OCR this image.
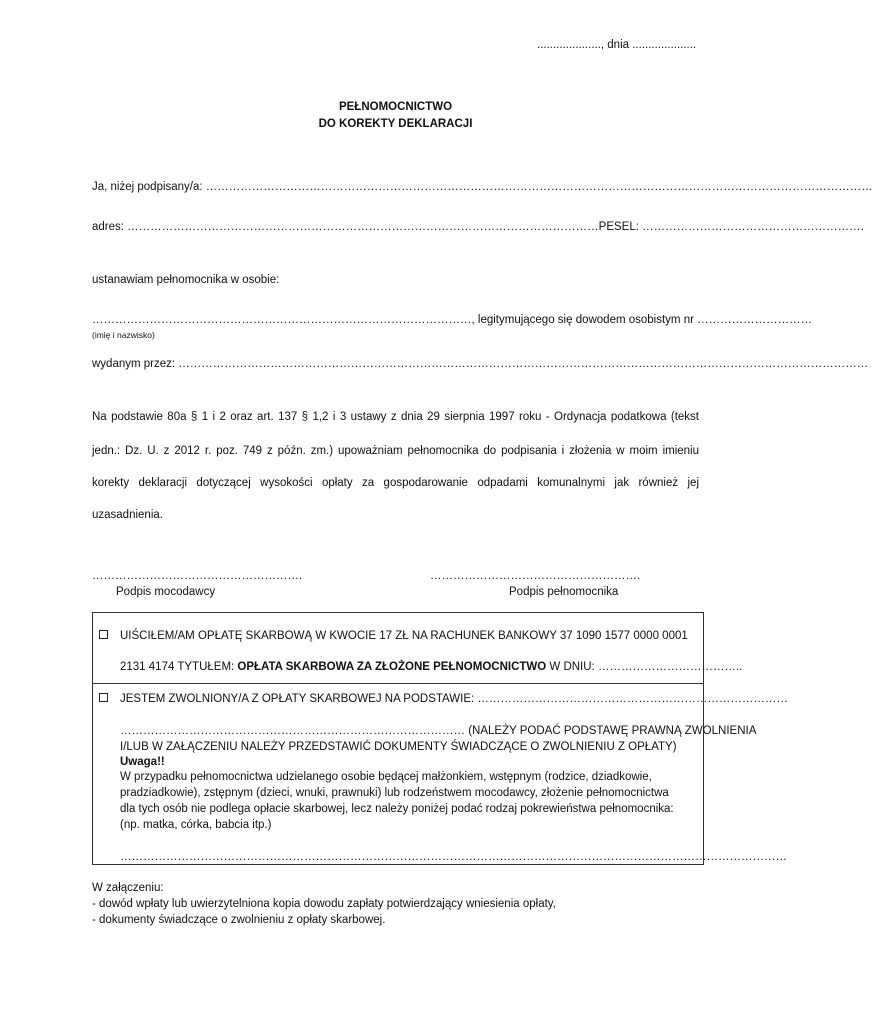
...................., dnia ....................
PEŁNOMOCNICTWO
DO KOREKTY DEKLARACJI
Ja, niżej podpisany/a: …………………………………………………………………………………………………………………………………………………………
adres: ……………………………………………………………………………………………………………PESEL: ………………………………………………….
ustanawiam pełnomocnika w osobie:
………………………………………………………………………………………, legitymującego się dowodem osobistym nr …………………………
(imię i nazwisko)
wydanym przez: ………………………………………………………………………………………………………………………………………………………………
Na podstawie 80a § 1 i 2 oraz art. 137 § 1,2 i 3 ustawy z dnia 29 sierpnia 1997 roku - Ordynacja podatkowa (tekst
jedn.: Dz. U. z 2012 r. poz. 749 z późn. zm.) upoważniam pełnomocnika do podpisania i złożenia w moim imieniu
korekty deklaracji dotyczącej wysokości opłaty za gospodarowanie odpadami komunalnymi jak również jej
uzasadnienia.
……………………………………………….
Podpis mocodawcy
……………………………………………….
Podpis pełnomocnika
UIŚCIŁEM/AM OPŁATĘ SKARBOWĄ W KWOCIE 17 ZŁ NA RACHUNEK BANKOWY 37 1090 1577 0000 0001
2131 4174 TYTUŁEM: OPŁATA SKARBOWA ZA ZŁOŻONE PEŁNOMOCNICTWO W DNIU: ………………………………..
JESTEM ZWOLNIONY/A Z OPŁATY SKARBOWEJ NA PODSTAWIE: ………………………………………………………………………
……………………………………………………………………………… (NALEŻY PODAĆ PODSTAWĘ PRAWNĄ ZWOLNIENIA
I/LUB W ZAŁĄCZENIU NALEŻY PRZEDSTAWIĆ DOKUMENTY ŚWIADCZĄCE O ZWOLNIENIU Z OPŁATY)
Uwaga!!
W przypadku pełnomocnictwa udzielanego osobie będącej małżonkiem, wstępnym (rodzice, dziadkowie,
pradziadkowie), zstępnym (dzieci, wnuki, prawnuki) lub rodzeństwem mocodawcy, złożenie pełnomocnictwa
dla tych osób nie podlega opłacie skarbowej, lecz należy poniżej podać rodzaj pokrewieństwa pełnomocnika:
(np. matka, córka, babcia itp.)
…………………………………………………………………………………………………………………………………………………………
W załączeniu:
- dowód wpłaty lub uwierzytelniona kopia dowodu zapłaty potwierdzający wniesienia opłaty,
- dokumenty świadczące o zwolnieniu z opłaty skarbowej.
